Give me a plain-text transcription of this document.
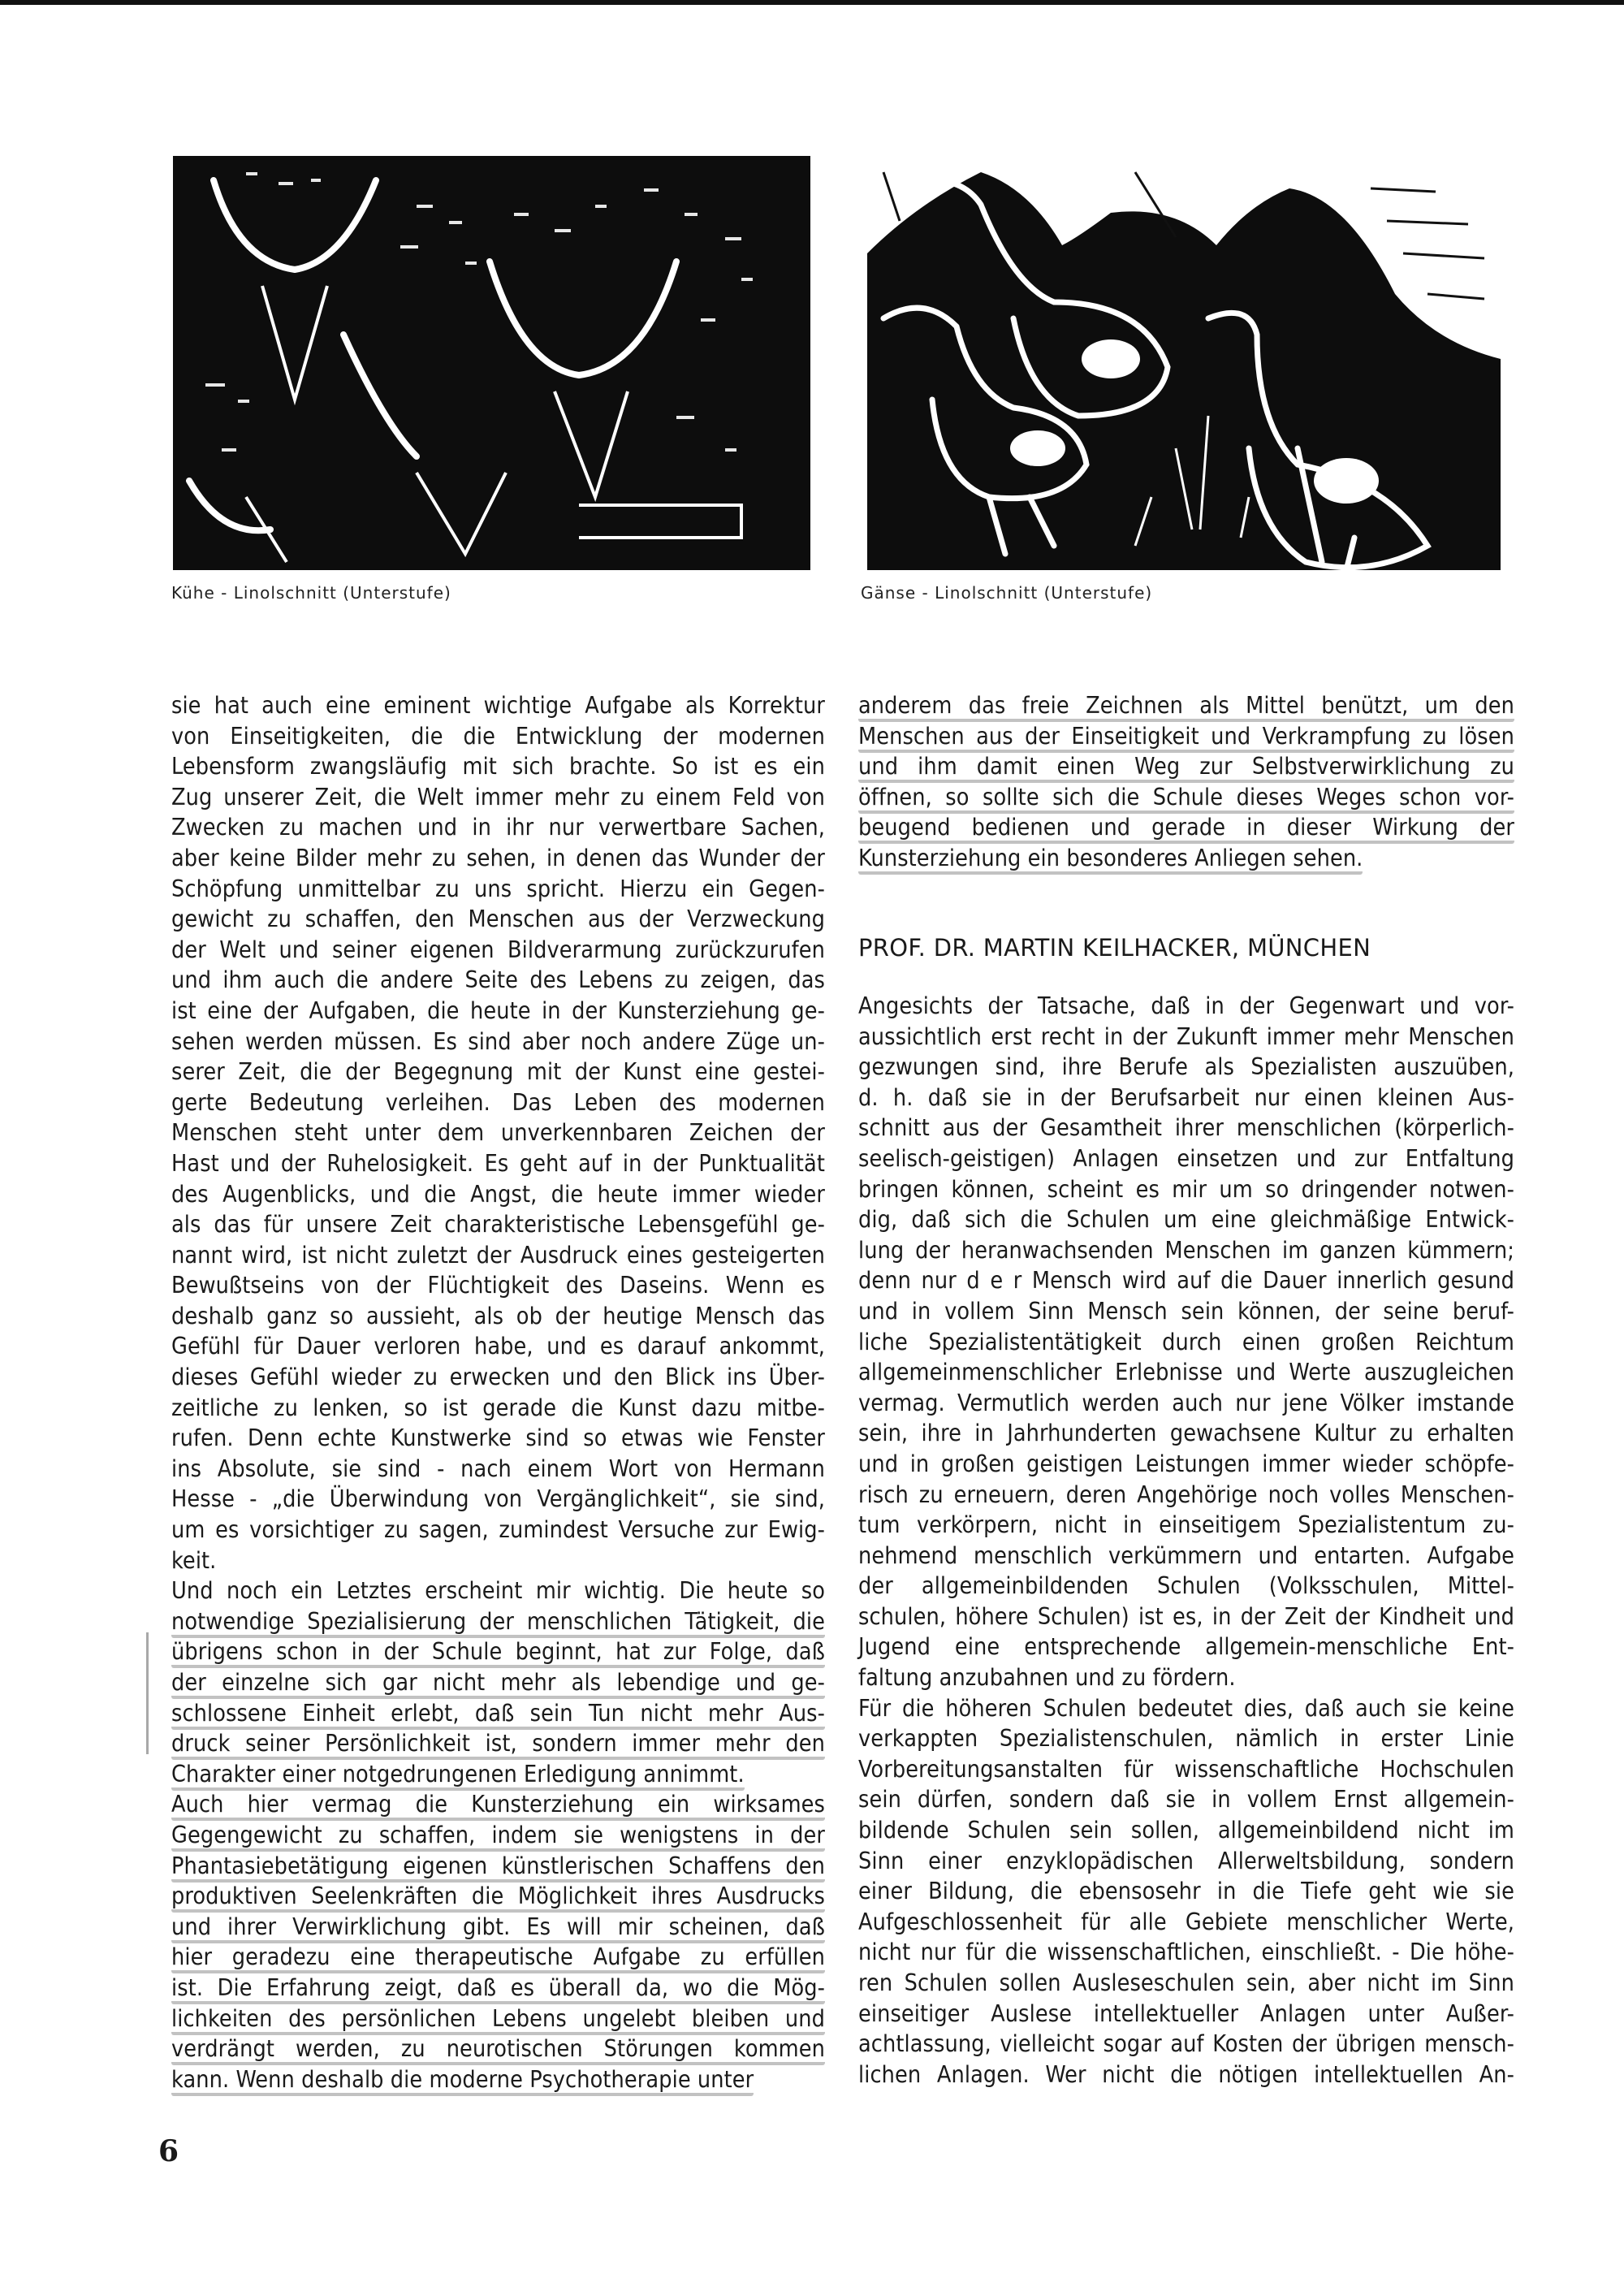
Kühe - Linolschnitt (Unterstufe)	Gänse - Linolschnitt (Unterstufe)
sie hat auch eine eminent wichtige Aufgabe als Korrektur
von Einseitigkeiten, die die Entwicklung der modernen
Lebensform zwangsläufig mit sich brachte. So ist es ein
Zug unserer Zeit, die Welt immer mehr zu einem Feld von
Zwecken zu machen und in ihr nur verwertbare Sachen,
aber keine Bilder mehr zu sehen, in denen das Wunder der
Schöpfung unmittelbar zu uns spricht. Hierzu ein Gegen-
gewicht zu schaffen, den Menschen aus der Verzweckung
der Welt und seiner eigenen Bildverarmung zurückzurufen
und ihm auch die andere Seite des Lebens zu zeigen, das
ist eine der Aufgaben, die heute in der Kunsterziehung ge-
sehen werden müssen. Es sind aber noch andere Züge un-
serer Zeit, die der Begegnung mit der Kunst eine gestei-
gerte Bedeutung verleihen. Das Leben des modernen
Menschen steht unter dem unverkennbaren Zeichen der
Hast und der Ruhelosigkeit. Es geht auf in der Punktualität
des Augenblicks, und die Angst, die heute immer wieder
als das für unsere Zeit charakteristische Lebensgefühl ge-
nannt wird, ist nicht zuletzt der Ausdruck eines gesteigerten
Bewußtseins von der Flüchtigkeit des Daseins. Wenn es
deshalb ganz so aussieht, als ob der heutige Mensch das
Gefühl für Dauer verloren habe, und es darauf ankommt,
dieses Gefühl wieder zu erwecken und den Blick ins Über-
zeitliche zu lenken, so ist gerade die Kunst dazu mitbe-
rufen. Denn echte Kunstwerke sind so etwas wie Fenster
ins Absolute, sie sind - nach einem Wort von Hermann
Hesse - „die Überwindung von Vergänglichkeit“, sie sind,
um es vorsichtiger zu sagen, zumindest Versuche zur Ewig-
keit.
Und noch ein Letztes erscheint mir wichtig. Die heute so
notwendige Spezialisierung der menschlichen Tätigkeit, die
übrigens schon in der Schule beginnt, hat zur Folge, daß
der einzelne sich gar nicht mehr als lebendige und ge-
schlossene Einheit erlebt, daß sein Tun nicht mehr Aus-
druck seiner Persönlichkeit ist, sondern immer mehr den
Charakter einer notgedrungenen Erledigung annimmt.
Auch hier vermag die Kunsterziehung ein wirksames
Gegengewicht zu schaffen, indem sie wenigstens in der
Phantasiebetätigung eigenen künstlerischen Schaffens den
produktiven Seelenkräften die Möglichkeit ihres Ausdrucks
und ihrer Verwirklichung gibt. Es will mir scheinen, daß
hier geradezu eine therapeutische Aufgabe zu erfüllen
ist. Die Erfahrung zeigt, daß es überall da, wo die Mög-
lichkeiten des persönlichen Lebens ungelebt bleiben und
verdrängt werden, zu neurotischen Störungen kommen
kann. Wenn deshalb die moderne Psychotherapie unter
anderem das freie Zeichnen als Mittel benützt, um den
Menschen aus der Einseitigkeit und Verkrampfung zu lösen
und ihm damit einen Weg zur Selbstverwirklichung zu
öffnen, so sollte sich die Schule dieses Weges schon vor-
beugend bedienen und gerade in dieser Wirkung der
Kunsterziehung ein besonderes Anliegen sehen.
PROF. DR. MARTIN KEILHACKER, MÜNCHEN
Angesichts der Tatsache, daß in der Gegenwart und vor-
aussichtlich erst recht in der Zukunft immer mehr Menschen
gezwungen sind, ihre Berufe als Spezialisten auszuüben,
d. h. daß sie in der Berufsarbeit nur einen kleinen Aus-
schnitt aus der Gesamtheit ihrer menschlichen (körperlich-
seelisch-geistigen) Anlagen einsetzen und zur Entfaltung
bringen können, scheint es mir um so dringender notwen-
dig, daß sich die Schulen um eine gleichmäßige Entwick-
lung der heranwachsenden Menschen im ganzen kümmern;
denn nur d e r Mensch wird auf die Dauer innerlich gesund
und in vollem Sinn Mensch sein können, der seine beruf-
liche Spezialistentätigkeit durch einen großen Reichtum
allgemeinmenschlicher Erlebnisse und Werte auszugleichen
vermag. Vermutlich werden auch nur jene Völker imstande
sein, ihre in Jahrhunderten gewachsene Kultur zu erhalten
und in großen geistigen Leistungen immer wieder schöpfe-
risch zu erneuern, deren Angehörige noch volles Menschen-
tum verkörpern, nicht in einseitigem Spezialistentum zu-
nehmend menschlich verkümmern und entarten. Aufgabe
der allgemeinbildenden Schulen (Volksschulen, Mittel-
schulen, höhere Schulen) ist es, in der Zeit der Kindheit und
Jugend eine entsprechende allgemein-menschliche Ent-
faltung anzubahnen und zu fördern.
Für die höheren Schulen bedeutet dies, daß auch sie keine
verkappten Spezialistenschulen, nämlich in erster Linie
Vorbereitungsanstalten für wissenschaftliche Hochschulen
sein dürfen, sondern daß sie in vollem Ernst allgemein-
bildende Schulen sein sollen, allgemeinbildend nicht im
Sinn einer enzyklopädischen Allerweltsbildung, sondern
einer Bildung, die ebensosehr in die Tiefe geht wie sie
Aufgeschlossenheit für alle Gebiete menschlicher Werte,
nicht nur für die wissenschaftlichen, einschließt. - Die höhe-
ren Schulen sollen Ausleseschulen sein, aber nicht im Sinn
einseitiger Auslese intellektueller Anlagen unter Außer-
achtlassung, vielleicht sogar auf Kosten der übrigen mensch-
lichen Anlagen. Wer nicht die nötigen intellektuellen An-
6
